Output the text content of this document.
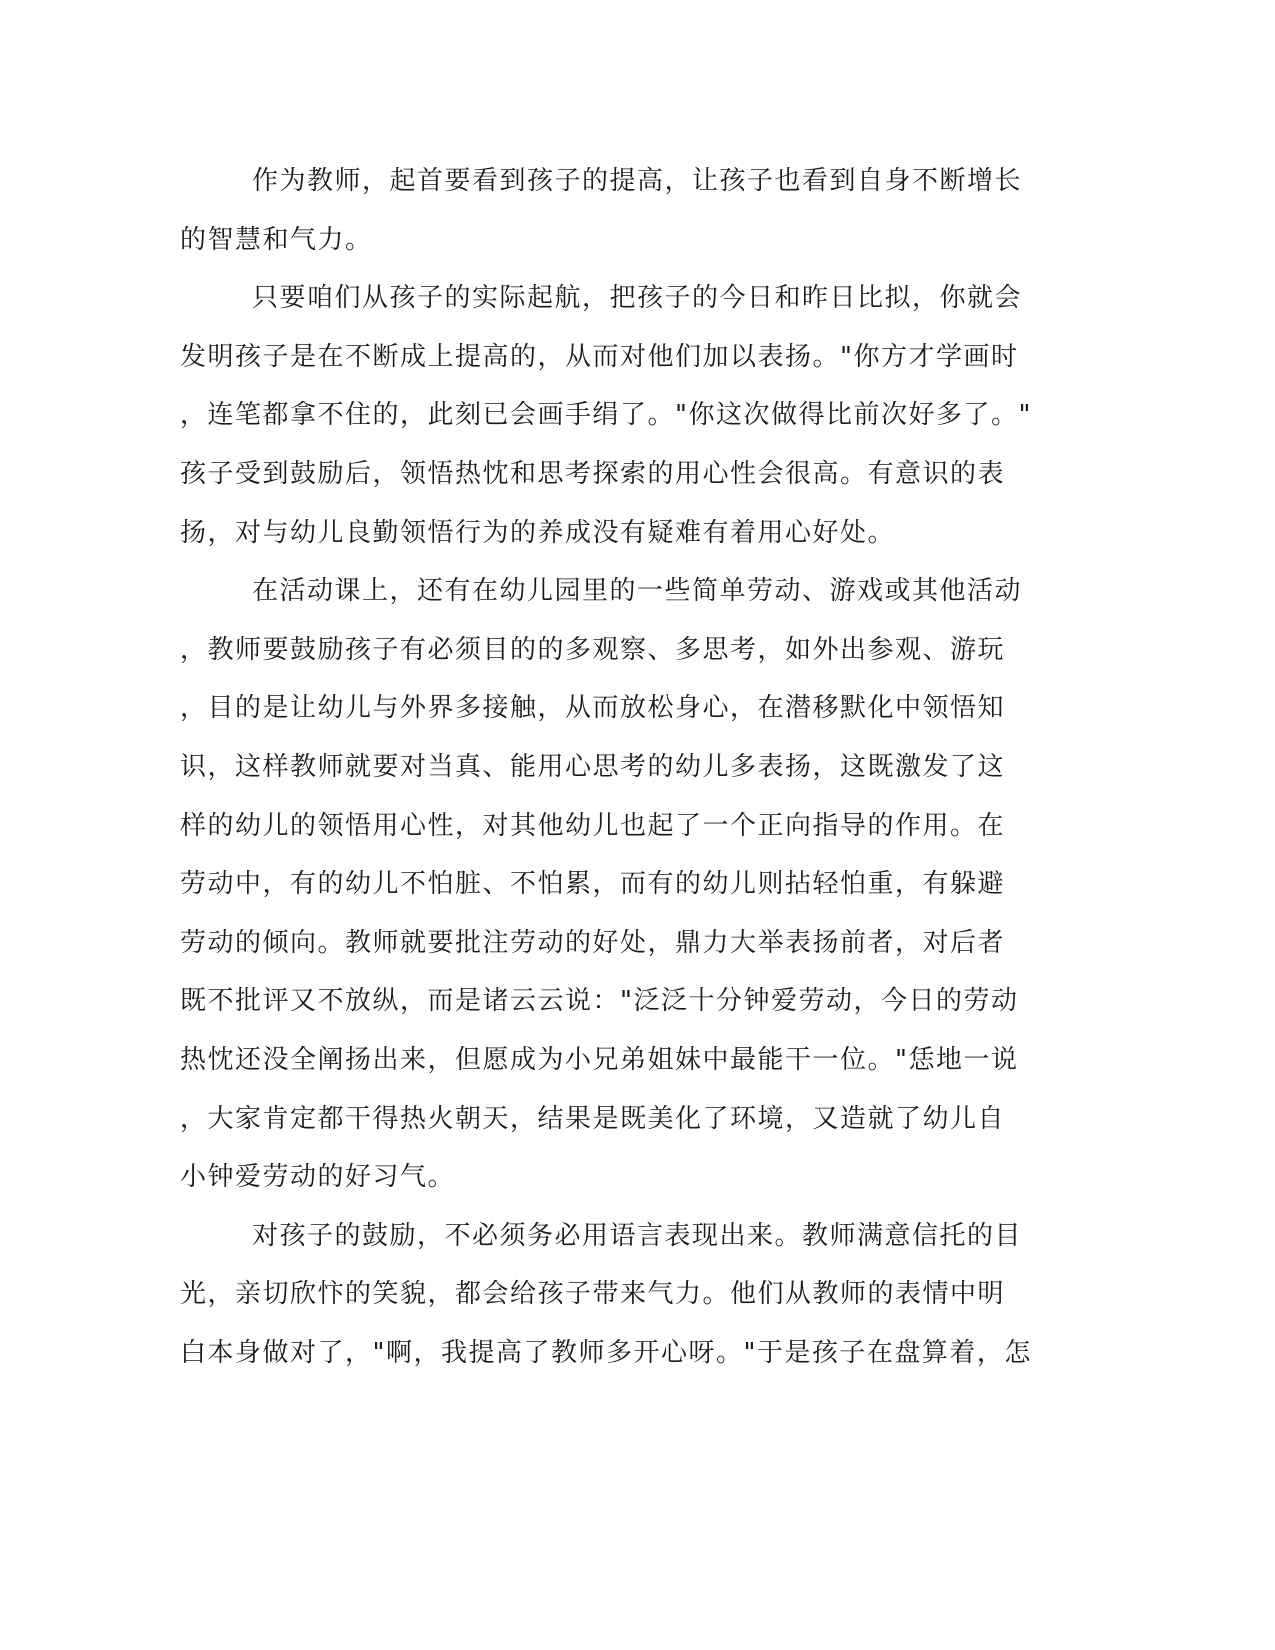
作为教师，起首要看到孩子的提高，让孩子也看到自身不断增长
的智慧和气力。
只要咱们从孩子的实际起航，把孩子的今日和昨日比拟，你就会
发明孩子是在不断成上提高的，从而对他们加以表扬。"你方才学画时
，连笔都拿不住的，此刻已会画手绢了。"你这次做得比前次好多了。"
孩子受到鼓励后，领悟热忱和思考探索的用心性会很高。有意识的表
扬，对与幼儿良勤领悟行为的养成没有疑难有着用心好处。
在活动课上，还有在幼儿园里的一些简单劳动、游戏或其他活动
，教师要鼓励孩子有必须目的的多观察、多思考，如外出参观、游玩
，目的是让幼儿与外界多接触，从而放松身心，在潜移默化中领悟知
识，这样教师就要对当真、能用心思考的幼儿多表扬，这既激发了这
样的幼儿的领悟用心性，对其他幼儿也起了一个正向指导的作用。在
劳动中，有的幼儿不怕脏、不怕累，而有的幼儿则拈轻怕重，有躲避
劳动的倾向。教师就要批注劳动的好处，鼎力大举表扬前者，对后者
既不批评又不放纵，而是诸云云说："泛泛十分钟爱劳动，今日的劳动
热忱还没全阐扬出来，但愿成为小兄弟姐妹中最能干一位。"恁地一说
，大家肯定都干得热火朝天，结果是既美化了环境，又造就了幼儿自
小钟爱劳动的好习气。
对孩子的鼓励，不必须务必用语言表现出来。教师满意信托的目
光，亲切欣忭的笑貌，都会给孩子带来气力。他们从教师的表情中明
白本身做对了，"啊，我提高了教师多开心呀。"于是孩子在盘算着，怎
